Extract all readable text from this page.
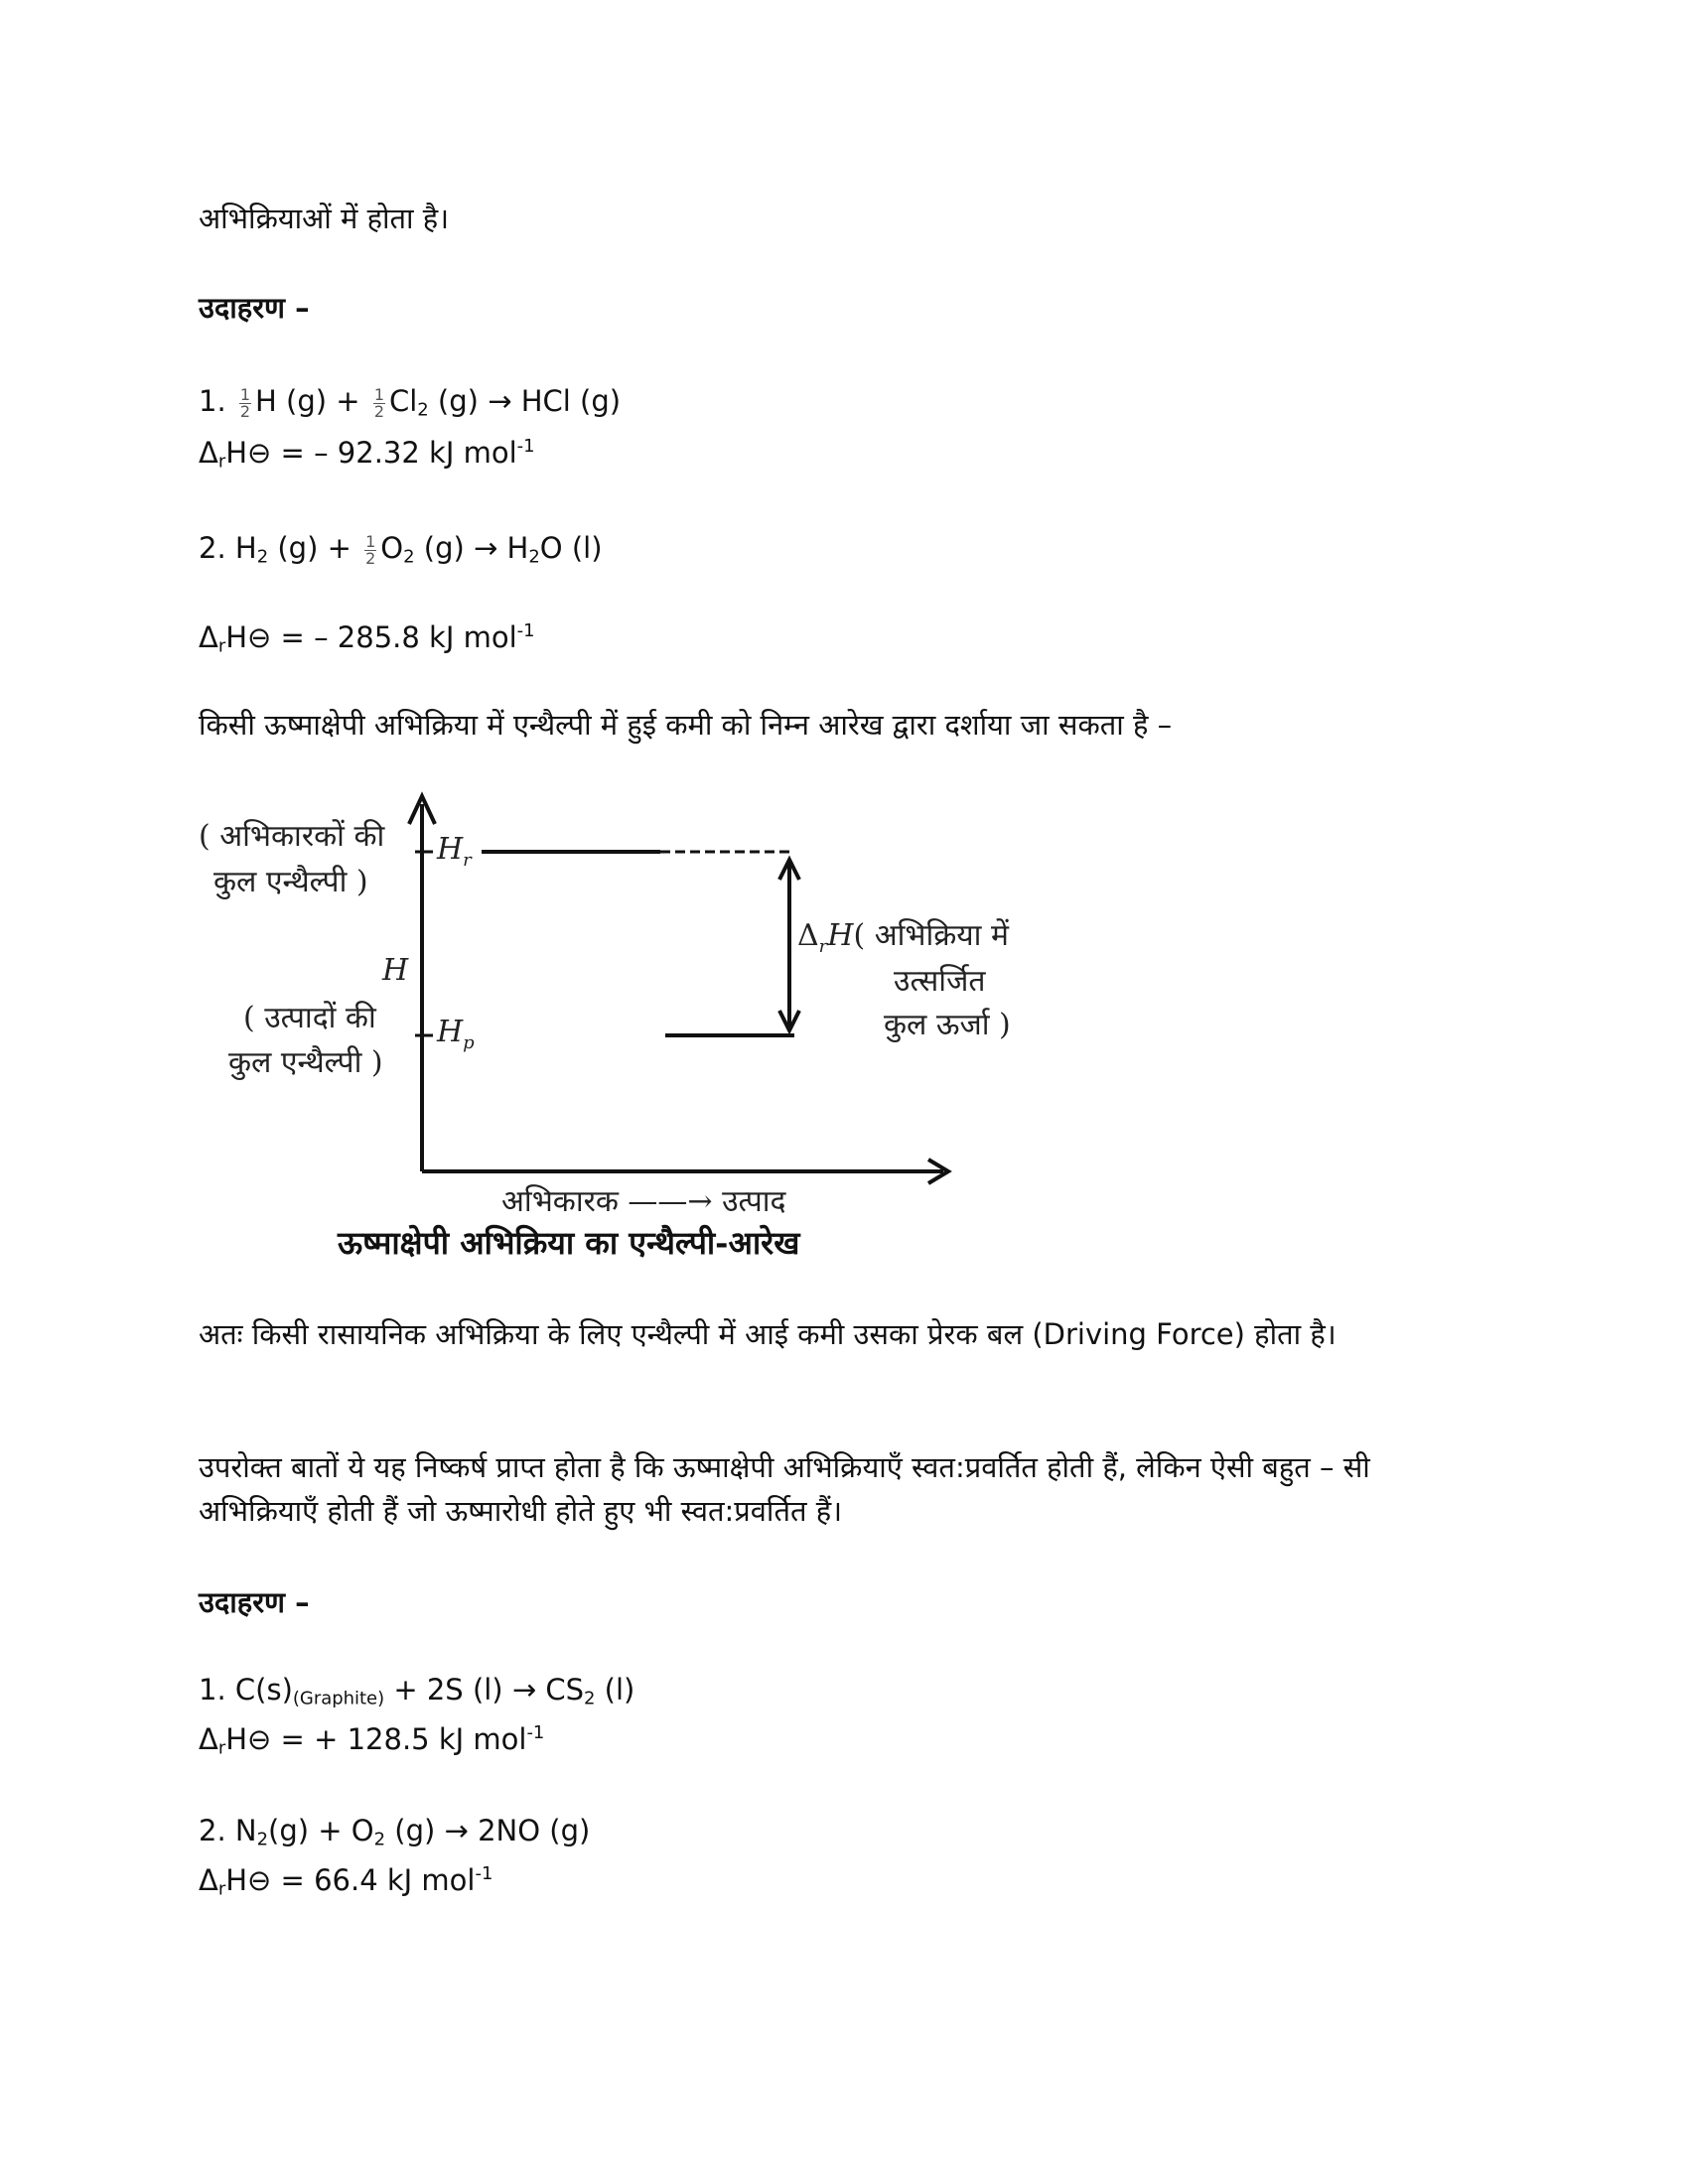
अभिक्रियाओं में होता है।
उदाहरण –
1. $\frac{1}{2}$ H $(g) + \frac{1}{2} Cl_2$ (g) → HCl (g)
$\Delta_rH⊖$ = – 92.32 kJ mol$^{-1}$
2. $H_2$ $(g) + \frac{1}{2} O_2$ $(g) \to H_2O$ (l)
$\Delta_rH⊖$ = – 285.8 kJ mol$^{-1}$
किसी ऊष्माक्षेपी अभिक्रिया में एन्थैल्पी में हुई कमी को निम्न आरेख द्वारा दर्शाया जा सकता है –
( अभिकारकों की
कुल एन्थैल्पी )
$H_r$
H
( उत्पादों की
कुल एन्थैल्पी )
$H_p$
$\Delta_rH$( अभिक्रिया में
उत्सर्जित
कुल ऊर्जा )
अभिकारक ——→ उत्पाद
ऊष्माक्षेपी अभिक्रिया का एन्थैल्पी-आरेख
अतः किसी रासायनिक अभिक्रिया के लिए एन्थैल्पी में आई कमी उसका प्रेरक बल (Driving Force) होता है।
उपरोक्त बातों ये यह निष्कर्ष प्राप्त होता है कि ऊष्माक्षेपी अभिक्रियाएँ स्वत:प्रवर्तित होती हैं, लेकिन ऐसी बहुत – सी अभिक्रियाएँ होती हैं जो ऊष्मारोधी होते हुए भी स्वत:प्रवर्तित हैं।
उदाहरण –
1. $C(s)_{(Graphite)} + 2S$ $(l) \to CS_2$ (l)
$\Delta_rH⊖$ = + 128.5 kJ mol$^{-1}$
2. $N_2(g) + O_2$ (g) → 2NO (g)
$\Delta_rH⊖ = 66.4$ kJ mol$^{-1}$
